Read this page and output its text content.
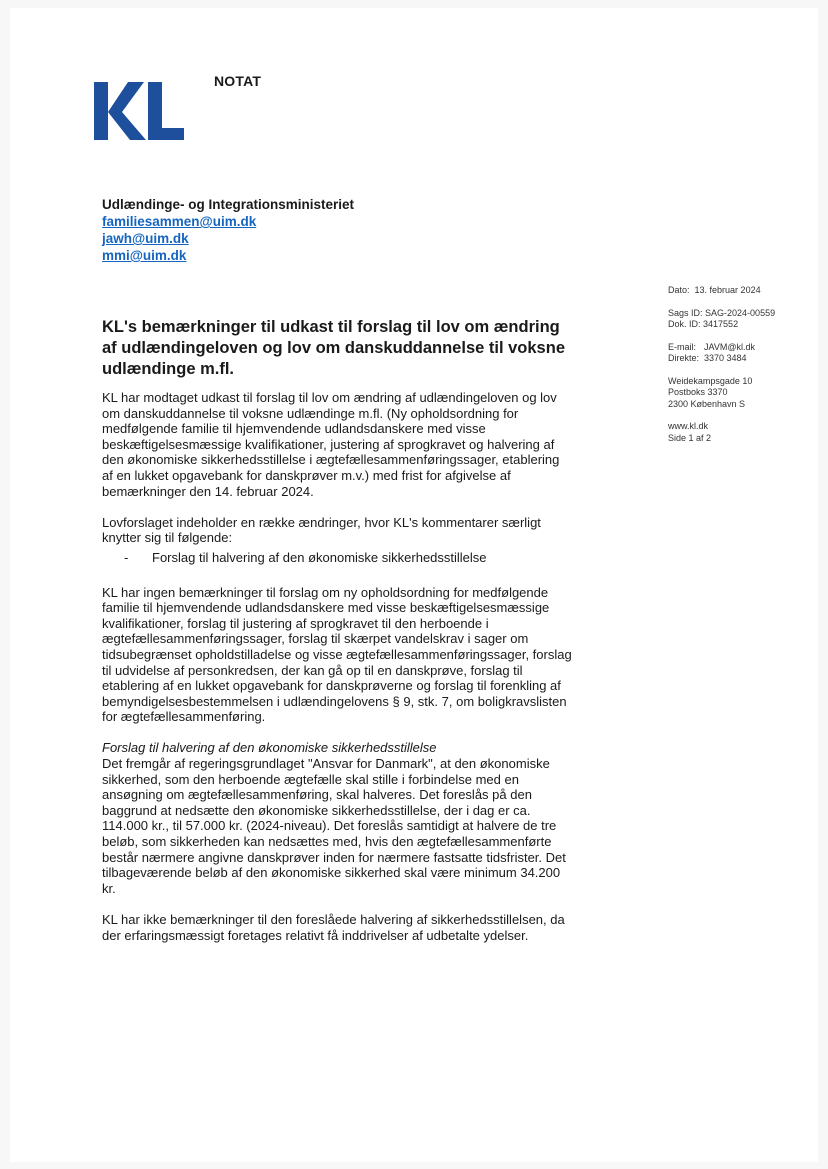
NOTAT
Udlændinge- og Integrationsministeriet
familiesammen@uim.dk
jawh@uim.dk
mmi@uim.dk
Dato: 13. februar 2024
Sags ID: SAG-2024-00559
Dok. ID: 3417552
E-mail: JAVM@kl.dk
Direkte: 3370 3484
Weidekampsgade 10
Postboks 3370
2300 København S
www.kl.dk
Side 1 af 2
KL's bemærkninger til udkast til forslag til lov om ændring af udlændingeloven og lov om danskuddannelse til voksne udlændinge m.fl.

KL har modtaget udkast til forslag til lov om ændring af udlændingeloven og lov om danskuddannelse til voksne udlændinge m.fl. (Ny opholdsordning for medfølgende familie til hjemvendende udlandsdanskere med visse beskæftigelsesmæssige kvalifikationer, justering af sprogkravet og halvering af den økonomiske sikkerhedsstillelse i ægtefællesammenføringssager, etablering af en lukket opgavebank for danskprøver m.v.) med frist for afgivelse af bemærkninger den 14. februar 2024.

Lovforslaget indeholder en række ændringer, hvor KL's kommentarer særligt knytter sig til følgende:

-	Forslag til halvering af den økonomiske sikkerhedsstillelse

KL har ingen bemærkninger til forslag om ny opholdsordning for medfølgende familie til hjemvendende udlandsdanskere med visse beskæftigelsesmæssige kvalifikationer, forslag til justering af sprogkravet til den herboende i ægtefællesammenføringssager, forslag til skærpet vandelskrav i sager om tidsubegrænset opholdstilladelse og visse ægtefællesammenføringssager, forslag til udvidelse af personkredsen, der kan gå op til en danskprøve, forslag til etablering af en lukket opgavebank for danskprøverne og forslag til forenkling af bemyndigelsesbestemmelsen i udlændingelovens § 9, stk. 7, om boligkravslisten for ægtefællesammenføring.

Forslag til halvering af den økonomiske sikkerhedsstillelse
Det fremgår af regeringsgrundlaget "Ansvar for Danmark", at den økonomiske sikkerhed, som den herboende ægtefælle skal stille i forbindelse med en ansøgning om ægtefællesammenføring, skal halveres. Det foreslås på den baggrund at nedsætte den økonomiske sikkerhedsstillelse, der i dag er ca. 114.000 kr., til 57.000 kr. (2024-niveau). Det foreslås samtidigt at halvere de tre beløb, som sikkerheden kan nedsættes med, hvis den ægtefællesammenførte består nærmere angivne danskprøver inden for nærmere fastsatte tidsfrister. Det tilbageværende beløb af den økonomiske sikkerhed skal være minimum 34.200 kr.

KL har ikke bemærkninger til den foreslåede halvering af sikkerhedsstillelsen, da der erfaringsmæssigt foretages relativt få inddrivelser af udbetalte ydelser.
